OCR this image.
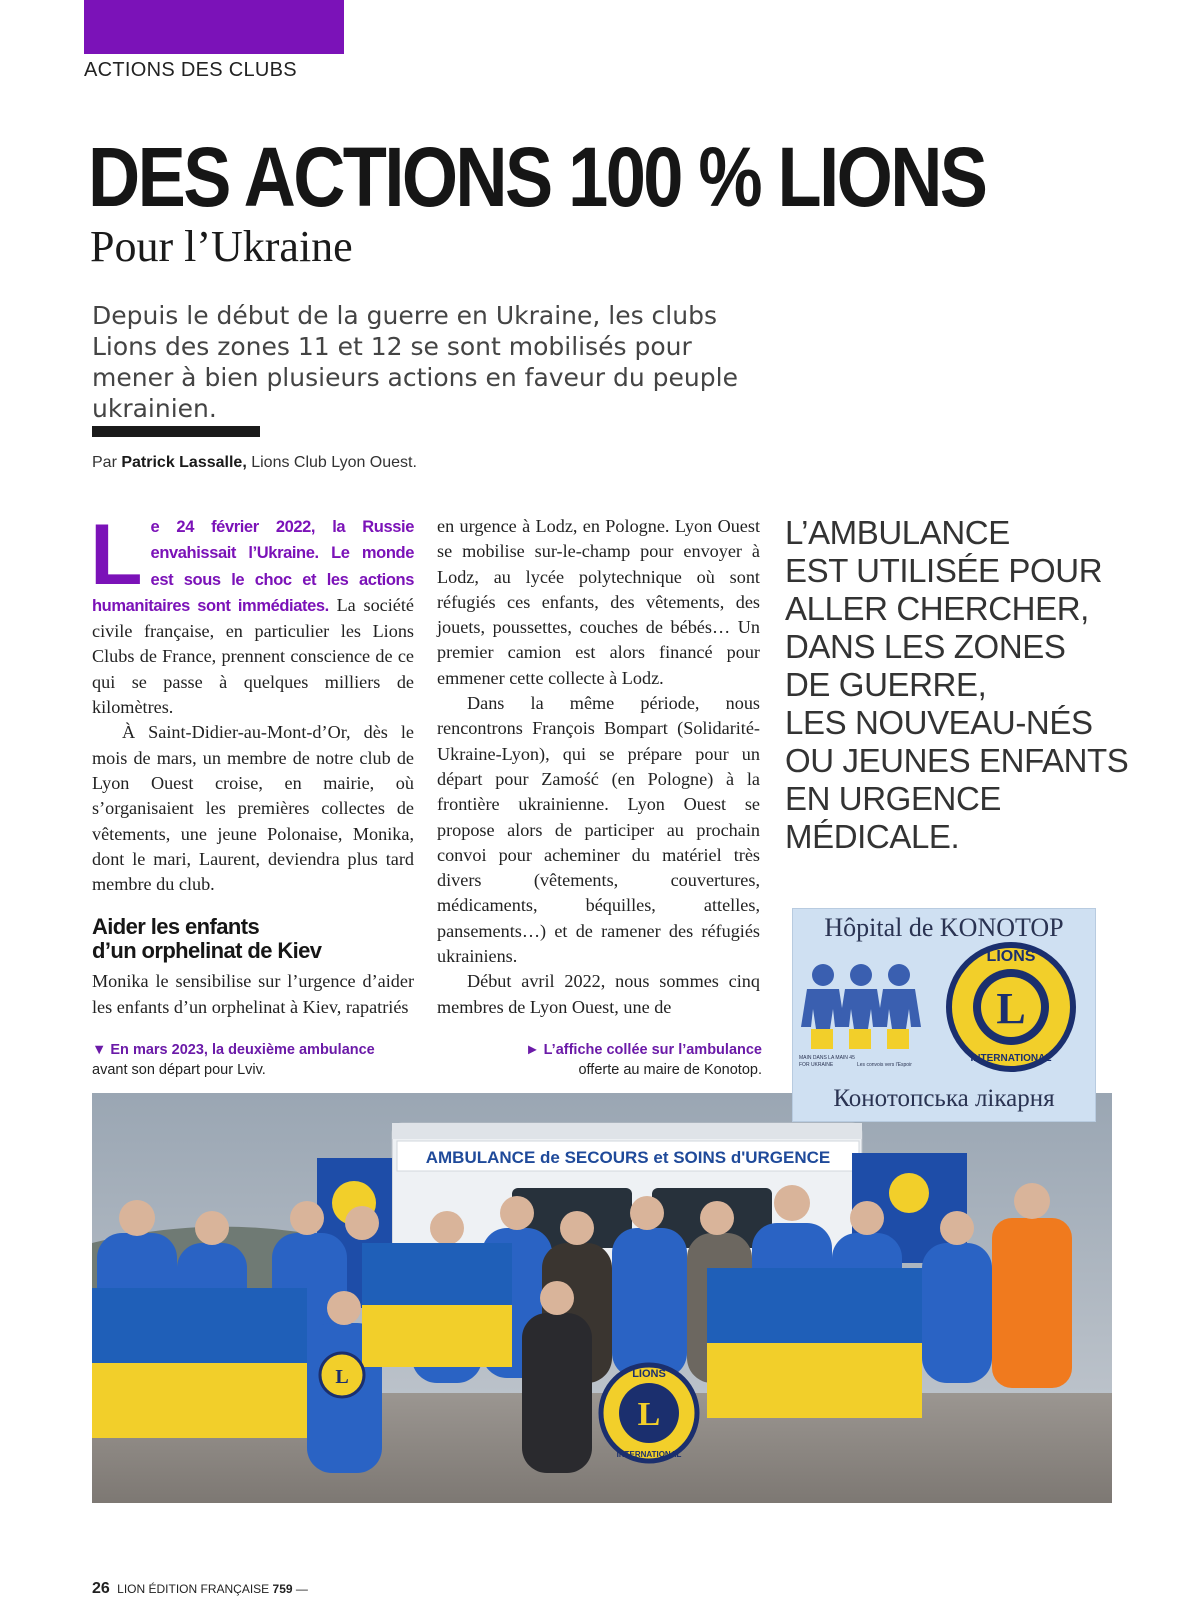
ACTIONS DES CLUBS
DES ACTIONS 100 % LIONS
Pour l’Ukraine
Depuis le début de la guerre en Ukraine, les clubs Lions des zones 11 et 12 se sont mobilisés pour mener à bien plusieurs actions en faveur du peuple ukrainien.
Par Patrick Lassalle, Lions Club Lyon Ouest.

Le 24 février 2022, la Russie envahissait l’Ukraine. Le monde est sous le choc et les actions humanitaires sont immédiates. La société civile française, en particulier les Lions Clubs de France, prennent conscience de ce qui se passe à quelques milliers de kilomètres.

À Saint-Didier-au-Mont-d’Or, dès le mois de mars, un membre de notre club de Lyon Ouest croise, en mairie, où s’organisaient les premières collectes de vêtements, une jeune Polonaise, Monika, dont le mari, Laurent, deviendra plus tard membre du club.

Aider les enfants
d’un orphelinat de Kiev

Monika le sensibilise sur l’urgence d’aider les enfants d’un orphelinat à Kiev, rapatriés

en urgence à Lodz, en Pologne. Lyon Ouest se mobilise sur-le-champ pour envoyer à Lodz, au lycée polytechnique où sont réfugiés ces enfants, des vêtements, des jouets, poussettes, couches de bébés… Un premier camion est alors financé pour emmener cette collecte à Lodz.

Dans la même période, nous rencontrons François Bompart (Solidarité-Ukraine-Lyon), qui se prépare pour un départ pour Zamość (en Pologne) à la frontière ukrainienne. Lyon Ouest se propose alors de participer au prochain convoi pour acheminer du matériel très divers (vêtements, couvertures, médicaments, béquilles, attelles, pansements…) et de ramener des réfugiés ukrainiens.

Début avril 2022, nous sommes cinq membres de Lyon Ouest, une de

L’AMBULANCE
EST UTILISÉE POUR
ALLER CHERCHER,
DANS LES ZONES
DE GUERRE,
LES NOUVEAU-NÉS
OU JEUNES ENFANTS
EN URGENCE
MÉDICALE.
▼ En mars 2023, la deuxième ambulance
avant son départ pour Lviv.
► L’affiche collée sur l’ambulance
offerte au maire de Konotop.
AMBULANCE de SECOURS et SOINS d'URGENCE
L
LIONS
INTERNATIONAL
L
Hôpital de KONOTOP
MAIN DANS LA MAIN 45
FOR UKRAINE	Les convois vers l'Espoir
L
LIONS
INTERNATIONAL
Конотопська лікарня
26 LION ÉDITION FRANÇAISE 759 —
